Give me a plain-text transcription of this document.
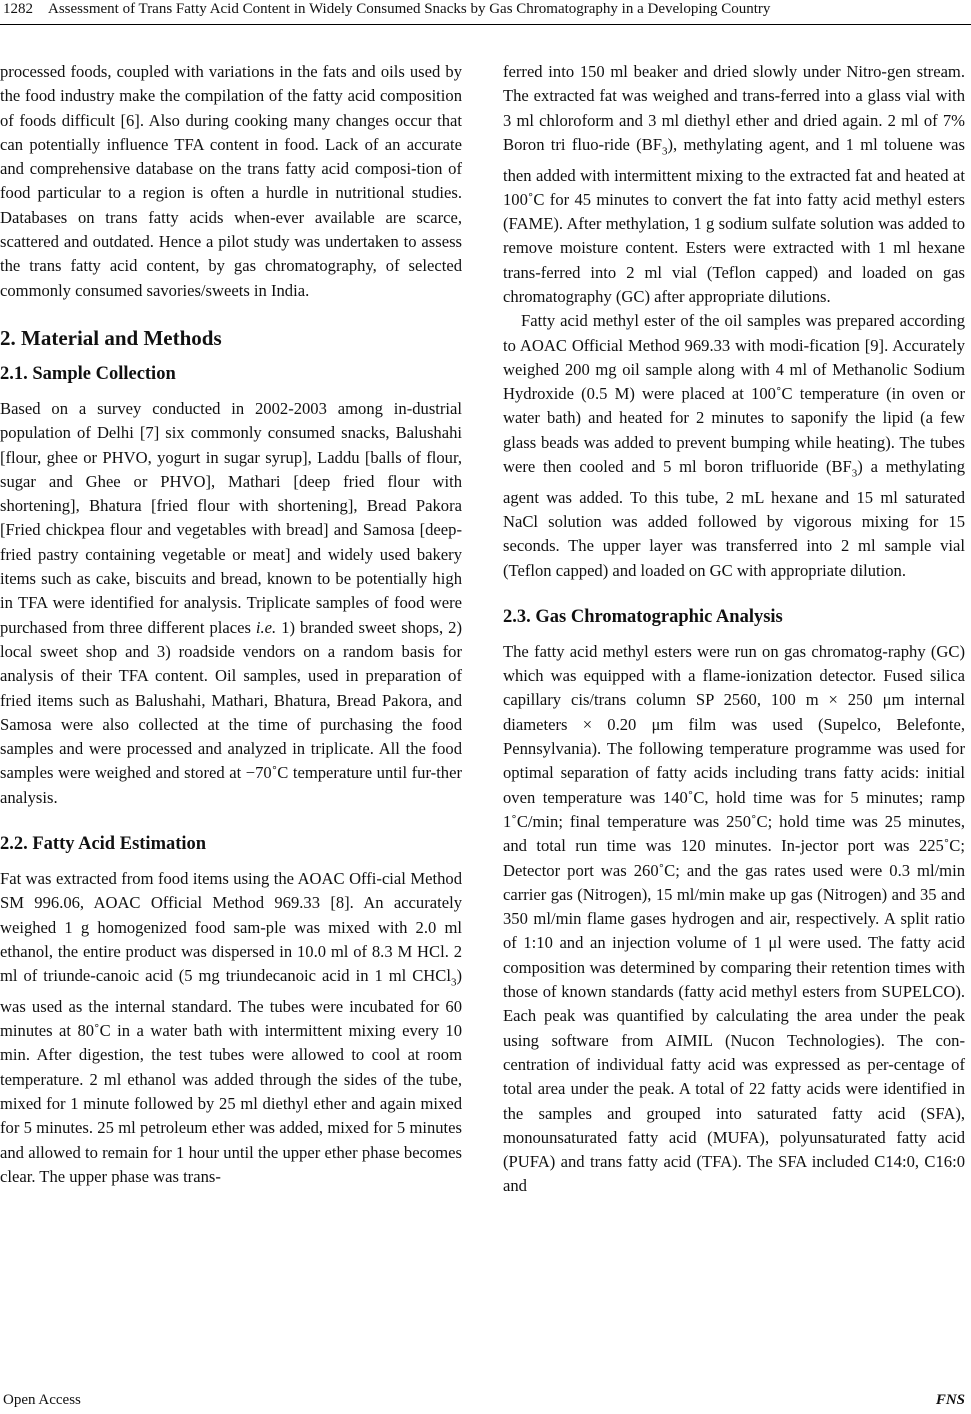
1282 Assessment of Trans Fatty Acid Content in Widely Consumed Snacks by Gas Chromatography in a Developing Country

processed foods, coupled with variations in the fats and oils used by the food industry make the compilation of the fatty acid composition of foods difficult [6]. Also during cooking many changes occur that can potentially influence TFA content in food. Lack of an accurate and comprehensive database on the trans fatty acid composi-tion of food particular to a region is often a hurdle in nutritional studies. Databases on trans fatty acids when-ever available are scarce, scattered and outdated. Hence a pilot study was undertaken to assess the trans fatty acid content, by gas chromatography, of selected commonly consumed savories/sweets in India.

2. Material and Methods
2.1. Sample Collection

Based on a survey conducted in 2002-2003 among in-dustrial population of Delhi [7] six commonly consumed snacks, Balushahi [flour, ghee or PHVO, yogurt in sugar syrup], Laddu [balls of flour, sugar and Ghee or PHVO], Mathari [deep fried flour with shortening], Bhatura [fried flour with shortening], Bread Pakora [Fried chickpea flour and vegetables with bread] and Samosa [deep-fried pastry containing vegetable or meat] and widely used bakery items such as cake, biscuits and bread, known to be potentially high in TFA were identified for analysis. Triplicate samples of food were purchased from three different places i.e. 1) branded sweet shops, 2) local sweet shop and 3) roadside vendors on a random basis for analysis of their TFA content. Oil samples, used in preparation of fried items such as Balushahi, Mathari, Bhatura, Bread Pakora, and Samosa were also collected at the time of purchasing the food samples and were processed and analyzed in triplicate. All the food samples were weighed and stored at −70˚C temperature until fur-ther analysis.

2.2. Fatty Acid Estimation

Fat was extracted from food items using the AOAC Offi-cial Method SM 996.06, AOAC Official Method 969.33 [8]. An accurately weighed 1 g homogenized food sam-ple was mixed with 2.0 ml ethanol, the entire product was dispersed in 10.0 ml of 8.3 M HCl. 2 ml of triunde-canoic acid (5 mg triundecanoic acid in 1 ml CHCl$_3$) was used as the internal standard. The tubes were incubated for 60 minutes at 80˚C in a water bath with intermittent mixing every 10 min. After digestion, the test tubes were allowed to cool at room temperature. 2 ml ethanol was added through the sides of the tube, mixed for 1 minute followed by 25 ml diethyl ether and again mixed for 5 minutes. 25 ml petroleum ether was added, mixed for 5 minutes and allowed to remain for 1 hour until the upper ether phase becomes clear. The upper phase was trans-

ferred into 150 ml beaker and dried slowly under Nitro-gen stream. The extracted fat was weighed and trans-ferred into a glass vial with 3 ml chloroform and 3 ml diethyl ether and dried again. 2 ml of 7% Boron tri fluo-ride $(BF_3)$, methylating agent, and 1 ml toluene was then added with intermittent mixing to the extracted fat and heated at 100˚C for 45 minutes to convert the fat into fatty acid methyl esters (FAME). After methylation, 1 g sodium sulfate solution was added to remove moisture content. Esters were extracted with 1 ml hexane trans-ferred into 2 ml vial (Teflon capped) and loaded on gas chromatography (GC) after appropriate dilutions.

Fatty acid methyl ester of the oil samples was prepared according to AOAC Official Method 969.33 with modi-fication [9]. Accurately weighed 200 mg oil sample along with 4 ml of Methanolic Sodium Hydroxide (0.5 M) were placed at 100˚C temperature (in oven or water bath) and heated for 2 minutes to saponify the lipid (a few glass beads was added to prevent bumping while heating). The tubes were then cooled and 5 ml boron trifluoride $(BF_3)$ a methylating agent was added. To this tube, 2 mL hexane and 15 ml saturated NaCl solution was added followed by vigorous mixing for 15 seconds. The upper layer was transferred into 2 ml sample vial (Teflon capped) and loaded on GC with appropriate dilution.

2.3. Gas Chromatographic Analysis

The fatty acid methyl esters were run on gas chromatog-raphy (GC) which was equipped with a flame-ionization detector. Fused silica capillary cis/trans column SP 2560, 100 m × 250 μm internal diameters × 0.20 μm film was used (Supelco, Belefonte, Pennsylvania). The following temperature programme was used for optimal separation of fatty acids including trans fatty acids: initial oven temperature was 140˚C, hold time was for 5 minutes; ramp 1˚C/min; final temperature was 250˚C; hold time was 25 minutes, and total run time was 120 minutes. In-jector port was 225˚C; Detector port was 260˚C; and the gas rates used were 0.3 ml/min carrier gas (Nitrogen), 15 ml/min make up gas (Nitrogen) and 35 and 350 ml/min flame gases hydrogen and air, respectively. A split ratio of 1:10 and an injection volume of 1 μl were used. The fatty acid composition was determined by comparing their retention times with those of known standards (fatty acid methyl esters from SUPELCO). Each peak was quantified by calculating the area under the peak using software from AIMIL (Nucon Technologies). The con-centration of individual fatty acid was expressed as per-centage of total area under the peak. A total of 22 fatty acids were identified in the samples and grouped into saturated fatty acid (SFA), monounsaturated fatty acid (MUFA), polyunsaturated fatty acid (PUFA) and trans fatty acid (TFA). The SFA included C14:0, C16:0 and

Open Access	FNS
